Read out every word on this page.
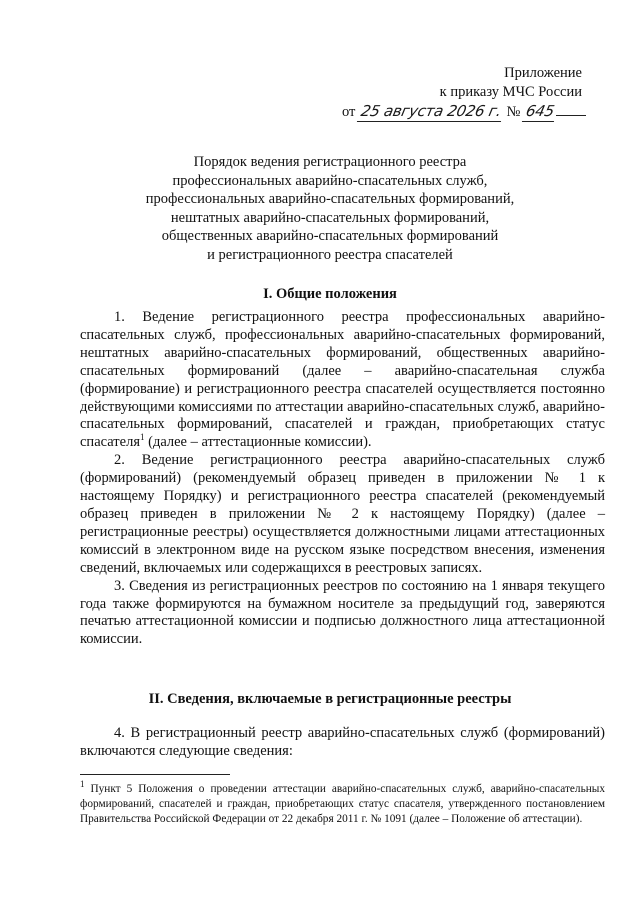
Приложение
к приказу МЧС России
от 25 августа 2026 г. № 645
Порядок ведения регистрационного реестра
профессиональных аварийно-спасательных служб,
профессиональных аварийно-спасательных формирований,
нештатных аварийно-спасательных формирований,
общественных аварийно-спасательных формирований
и регистрационного реестра спасателей
I. Общие положения

1. Ведение регистрационного реестра профессиональных аварийно-спасательных служб, профессиональных аварийно-спасательных формирований, нештатных аварийно-спасательных формирований, общественных аварийно-спасательных формирований (далее – аварийно-спасательная служба (формирование) и регистрационного реестра спасателей осуществляется постоянно действующими комиссиями по аттестации аварийно-спасательных служб, аварийно-спасательных формирований, спасателей и граждан, приобретающих статус спасателя$^1$ (далее – аттестационные комиссии).

2. Ведение регистрационного реестра аварийно-спасательных служб (формирований) (рекомендуемый образец приведен в приложении № 1 к настоящему Порядку) и регистрационного реестра спасателей (рекомендуемый образец приведен в приложении № 2 к настоящему Порядку) (далее – регистрационные реестры) осуществляется должностными лицами аттестационных комиссий в электронном виде на русском языке посредством внесения, изменения сведений, включаемых или содержащихся в реестровых записях.

3. Сведения из регистрационных реестров по состоянию на 1 января текущего года также формируются на бумажном носителе за предыдущий год, заверяются печатью аттестационной комиссии и подписью должностного лица аттестационной комиссии.

II. Сведения, включаемые в регистрационные реестры

4. В регистрационный реестр аварийно-спасательных служб (формирований) включаются следующие сведения:

$^1$ Пункт 5 Положения о проведении аттестации аварийно-спасательных служб, аварийно-спасательных формирований, спасателей и граждан, приобретающих статус спасателя, утвержденного постановлением Правительства Российской Федерации от 22 декабря 2011 г. № 1091 (далее – Положение об аттестации).
